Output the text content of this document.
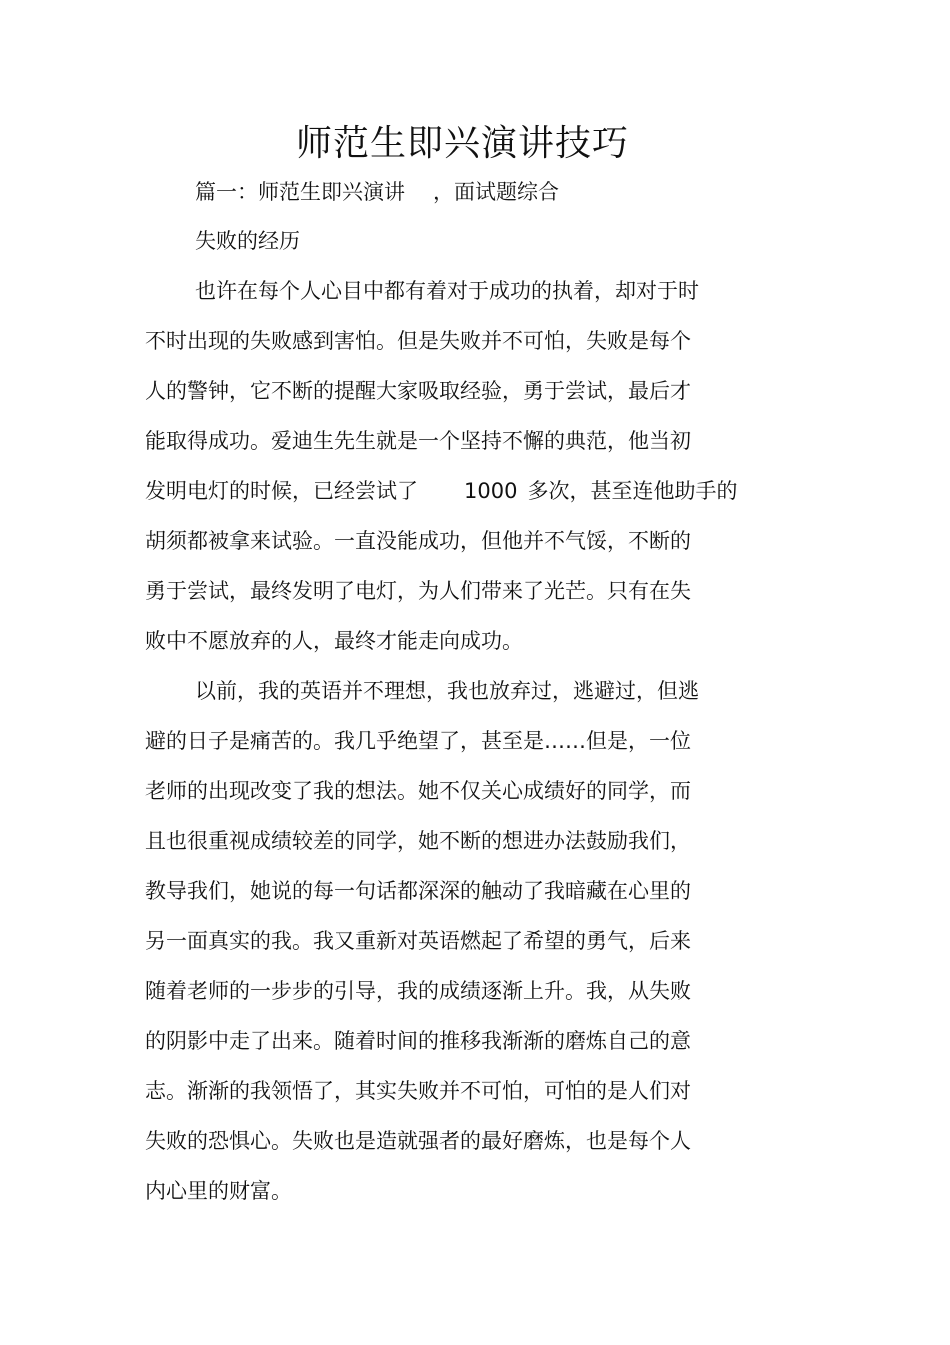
师范生即兴演讲技巧
篇一：师范生即兴演讲 ，面试题综合
失败的经历
也许在每个人心目中都有着对于成功的执着，却对于时
不时出现的失败感到害怕。但是失败并不可怕，失败是每个
人的警钟，它不断的提醒大家吸取经验，勇于尝试，最后才
能取得成功。爱迪生先生就是一个坚持不懈的典范，他当初
发明电灯的时候，已经尝试了 1000 多次，甚至连他助手的
胡须都被拿来试验。一直没能成功，但他并不气馁，不断的
勇于尝试，最终发明了电灯，为人们带来了光芒。只有在失
败中不愿放弃的人，最终才能走向成功。
以前，我的英语并不理想，我也放弃过，逃避过，但逃
避的日子是痛苦的。我几乎绝望了，甚至是……但是，一位
老师的出现改变了我的想法。她不仅关心成绩好的同学，而
且也很重视成绩较差的同学，她不断的想进办法鼓励我们，
教导我们，她说的每一句话都深深的触动了我暗藏在心里的
另一面真实的我。我又重新对英语燃起了希望的勇气，后来
随着老师的一步步的引导，我的成绩逐渐上升。我，从失败
的阴影中走了出来。随着时间的推移我渐渐的磨炼自己的意
志。渐渐的我领悟了，其实失败并不可怕，可怕的是人们对
失败的恐惧心。失败也是造就强者的最好磨炼，也是每个人
内心里的财富。
